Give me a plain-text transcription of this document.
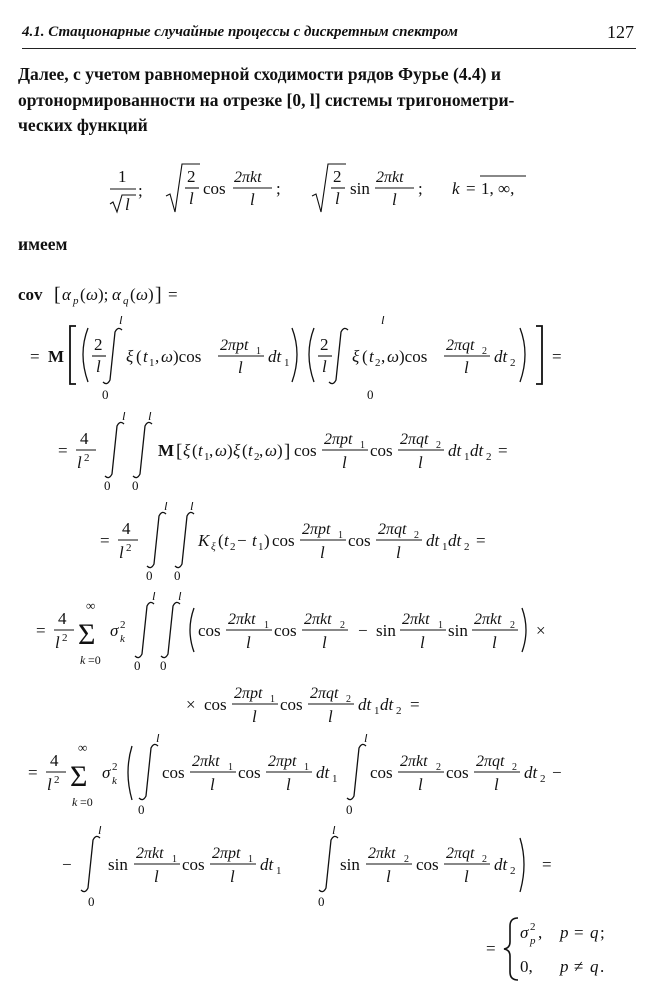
4.1. Стационарные случайные процессы с дискретным спектром	127
Далее, с учетом равномерной сходимости рядов Фурье (4.4) и
ортонормированности на отрезке [0, l] системы тригонометри-
ческих функций
1
l
;
2
l
cos
2πkt
l
;
2
l
sin
2πkt
l
; k = 1, ∞,
имеем
cov [ α p ( ω ); α q ( ω ) ] =
= M
2
l
l
0
ξ ( t 1 , ω )cos
2πpt 1
l
dt 1
2
l
l
0
ξ ( t 2 , ω )cos
2πqt 2
l
dt 2 =
=
4
l 2
l
0
l
0
M [ ξ ( t 1 , ω ) ξ ( t 2 , ω ) ] cos
2πpt 1
l
cos
2πqt 2
l
dt 1 dt 2 =
=
4
l 2
l
0
l
0
K ξ ( t 2 − t 1 ) cos
2πpt 1
l
cos
2πqt 2
l
dt 1 dt 2 =
=
4
l 2
∞
Σ
k =0
σ 2
k
l
0
l
0
cos
2πkt 1
l
cos
2πkt 2
l
− sin
2πkt 1
l
sin
2πkt 2
l
×
× cos
2πpt 1
l
cos
2πqt 2
l
dt 1 dt 2 =
=
4
l 2
∞
Σ
k =0
σ 2
k
l
0
cos
2πkt 1
l
cos
2πpt 1
l
dt 1
l
0
cos
2πkt 2
l
cos
2πqt 2
l
dt 2 −
−
l
0
sin
2πkt 1
l
cos
2πpt 1
l
dt 1
l
0
sin
2πkt 2
l
cos
2πqt 2
l
dt 2 =
=
σ 2
p , p = q ;
0, p ≠ q .
